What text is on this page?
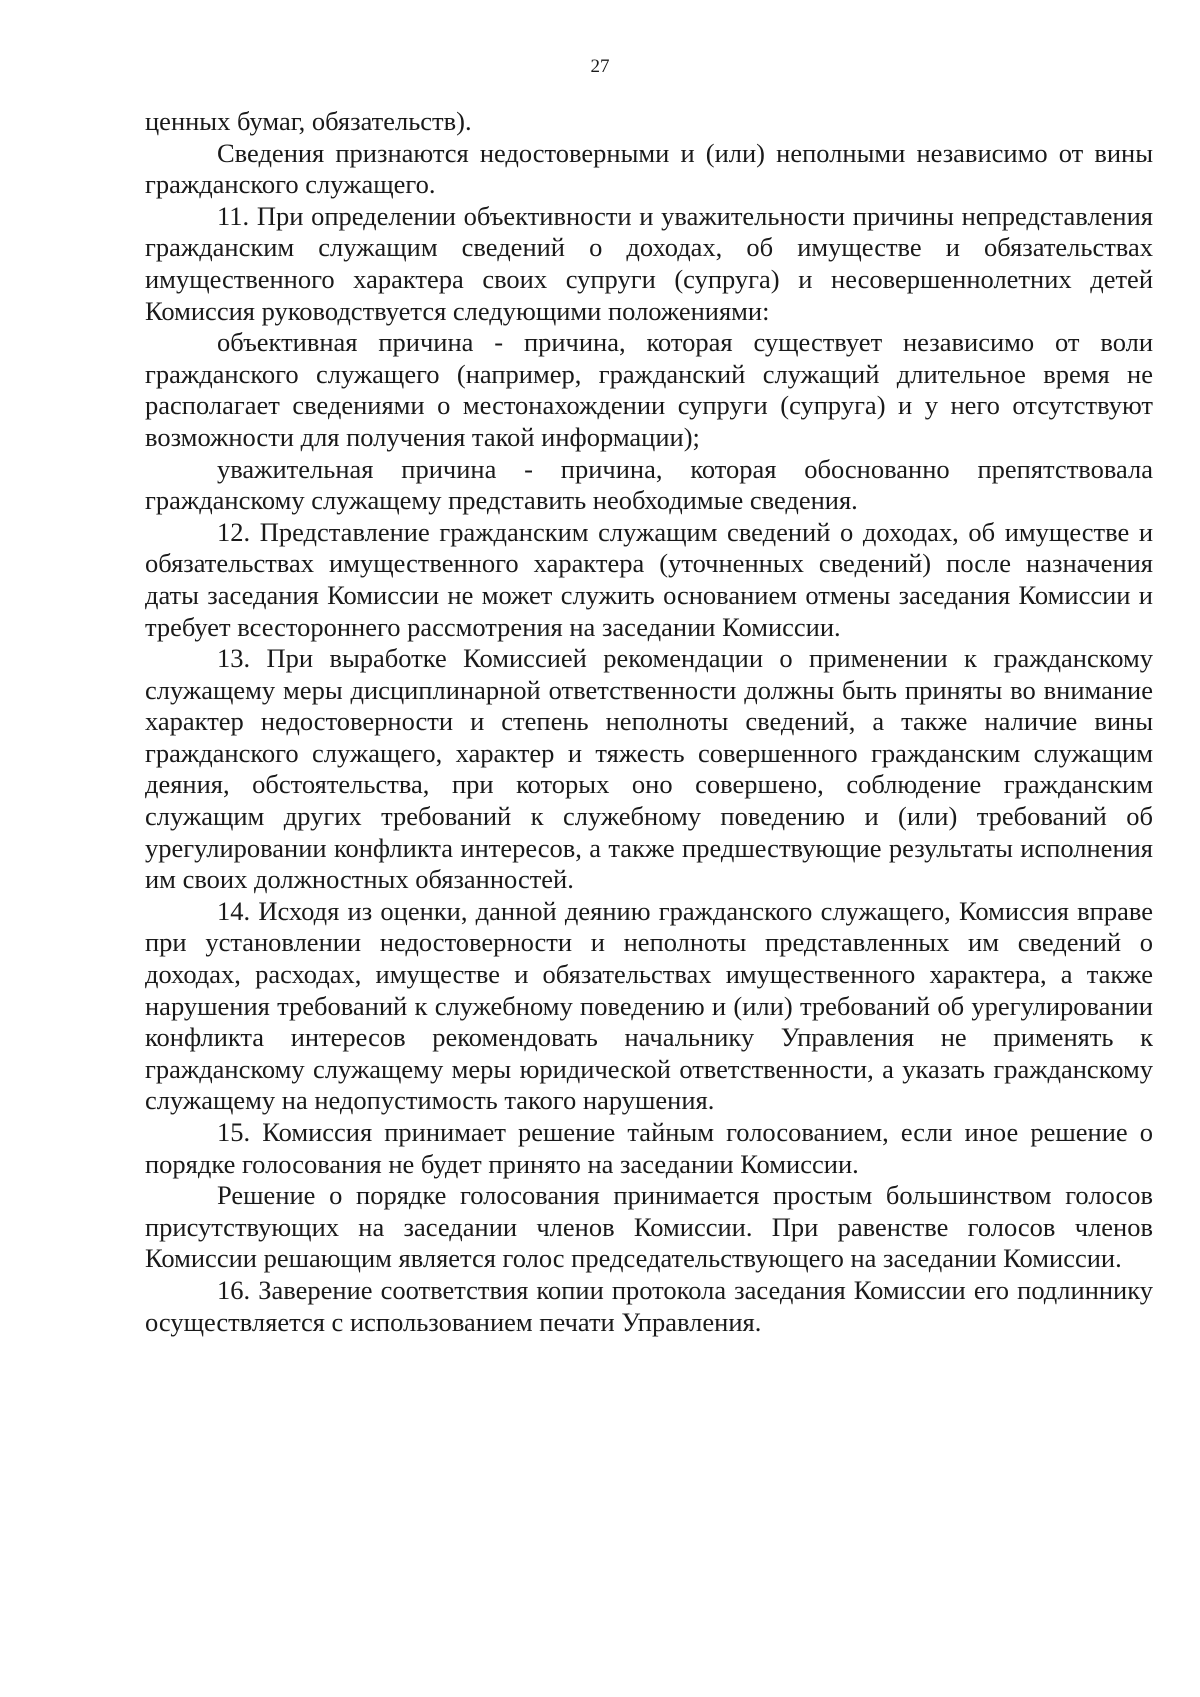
27

ценных бумаг, обязательств).

Сведения признаются недостоверными и (или) неполными независимо от вины гражданского служащего.

11. При определении объективности и уважительности причины непредставления гражданским служащим сведений о доходах, об имуществе и обязательствах имущественного характера своих супруги (супруга) и несовершеннолетних детей Комиссия руководствуется следующими положениями:

объективная причина - причина, которая существует независимо от воли гражданского служащего (например, гражданский служащий длительное время не располагает сведениями о местонахождении супруги (супруга) и у него отсутствуют возможности для получения такой информации);

уважительная причина - причина, которая обоснованно препятствовала гражданскому служащему представить необходимые сведения.

12. Представление гражданским служащим сведений о доходах, об имуществе и обязательствах имущественного характера (уточненных сведений) после назначения даты заседания Комиссии не может служить основанием отмены заседания Комиссии и требует всестороннего рассмотрения на заседании Комиссии.

13. При выработке Комиссией рекомендации о применении к гражданскому служащему меры дисциплинарной ответственности должны быть приняты во внимание характер недостоверности и степень неполноты сведений, а также наличие вины гражданского служащего, характер и тяжесть совершенного гражданским служащим деяния, обстоятельства, при которых оно совершено, соблюдение гражданским служащим других требований к служебному поведению и (или) требований об урегулировании конфликта интересов, а также предшествующие результаты исполнения им своих должностных обязанностей.

14. Исходя из оценки, данной деянию гражданского служащего, Комиссия вправе при установлении недостоверности и неполноты представленных им сведений о доходах, расходах, имуществе и обязательствах имущественного характера, а также нарушения требований к служебному поведению и (или) требований об урегулировании конфликта интересов рекомендовать начальнику Управления не применять к гражданскому служащему меры юридической ответственности, а указать гражданскому служащему на недопустимость такого нарушения.

15. Комиссия принимает решение тайным голосованием, если иное решение о порядке голосования не будет принято на заседании Комиссии.

Решение о порядке голосования принимается простым большинством голосов присутствующих на заседании членов Комиссии. При равенстве голосов членов Комиссии решающим является голос председательствующего на заседании Комиссии.

16. Заверение соответствия копии протокола заседания Комиссии его подлиннику осуществляется с использованием печати Управления.
